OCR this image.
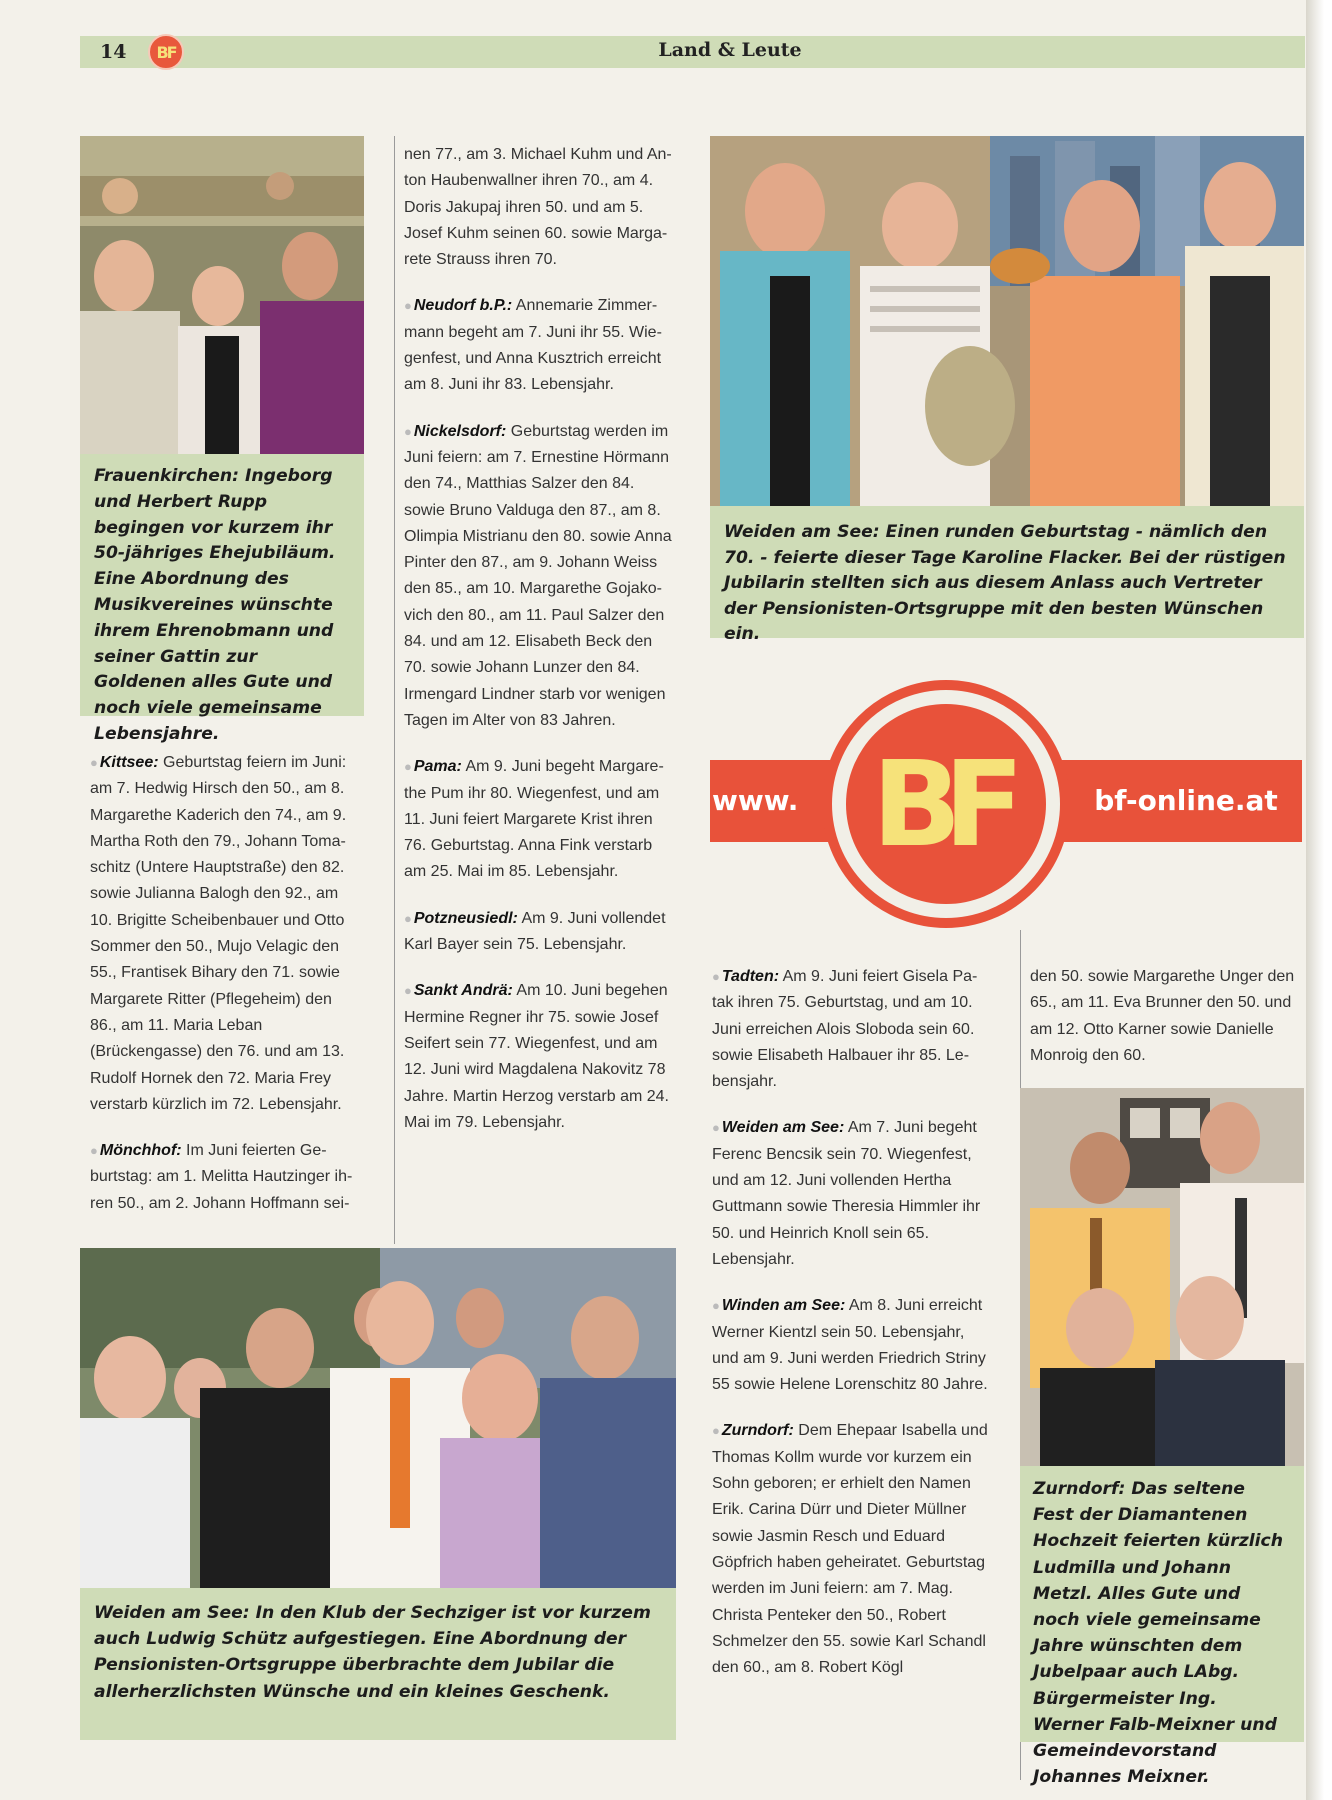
14 BF	Land & Leute
Frauenkirchen: Ingeborg und Herbert Rupp begingen vor kurzem ihr 50-jähriges Ehejubiläum. Eine Abordnung des Musikvereines wünschte ihrem Ehrenobmann und seiner Gattin zur Goldenen alles Gute und noch viele gemeinsame Lebensjahre.

● Kittsee: Geburtstag feiern im Juni: am 7. Hedwig Hirsch den 50., am 8. Margarethe Kaderich den 74., am 9. Martha Roth den 79., Johann Tomaschitz (Untere Hauptstraße) den 82. sowie Julianna Balogh den 92., am 10. Brigitte Scheibenbauer und Otto Sommer den 50., Mujo Velagic den 55., Frantisek Bihary den 71. sowie Margarete Ritter (Pflegeheim) den 86., am 11. Maria Leban (Brückengasse) den 76. und am 13. Rudolf Hornek den 72. Maria Frey verstarb kürzlich im 72. Lebensjahr.

● Mönchhof: Im Juni feierten Geburtstag: am 1. Melitta Hautzinger ihren 50., am 2. Johann Hoffmann sei-

nen 77., am 3. Michael Kuhm und Anton Haubenwallner ihren 70., am 4. Doris Jakupaj ihren 50. und am 5. Josef Kuhm seinen 60. sowie Margarete Strauss ihren 70.

● Neudorf b.P.: Annemarie Zimmermann begeht am 7. Juni ihr 55. Wiegenfest, und Anna Kusztrich erreicht am 8. Juni ihr 83. Lebensjahr.

● Nickelsdorf: Geburtstag werden im Juni feiern: am 7. Ernestine Hörmann den 74., Matthias Salzer den 84. sowie Bruno Valduga den 87., am 8. Olimpia Mistrianu den 80. sowie Anna Pinter den 87., am 9. Johann Weiss den 85., am 10. Margarethe Gojakovich den 80., am 11. Paul Salzer den 84. und am 12. Elisabeth Beck den 70. sowie Johann Lunzer den 84. Irmengard Lindner starb vor wenigen Tagen im Alter von 83 Jahren.

● Pama: Am 9. Juni begeht Margarethe Pum ihr 80. Wiegenfest, und am 11. Juni feiert Margarete Krist ihren 76. Geburtstag. Anna Fink verstarb am 25. Mai im 85. Lebensjahr.

● Potzneusiedl: Am 9. Juni vollendet Karl Bayer sein 75. Lebensjahr.

● Sankt Andrä: Am 10. Juni begehen Hermine Regner ihr 75. sowie Josef Seifert sein 77. Wiegenfest, und am 12. Juni wird Magdalena Nakovitz 78 Jahre. Martin Herzog verstarb am 24. Mai im 79. Lebensjahr.

Weiden am See: Einen runden Geburtstag - nämlich den 70. - feierte dieser Tage Karoline Flacker. Bei der rüstigen Jubilarin stellten sich aus diesem Anlass auch Vertreter der Pensionisten-Ortsgruppe mit den besten Wünschen ein.
BF
www.	bf-online.at

● Tadten: Am 9. Juni feiert Gisela Patak ihren 75. Geburtstag, und am 10. Juni erreichen Alois Sloboda sein 60. sowie Elisabeth Halbauer ihr 85. Lebensjahr.

● Weiden am See: Am 7. Juni begeht Ferenc Bencsik sein 70. Wiegenfest, und am 12. Juni vollenden Hertha Guttmann sowie Theresia Himmler ihr 50. und Heinrich Knoll sein 65. Lebensjahr.

● Winden am See: Am 8. Juni erreicht Werner Kientzl sein 50. Lebensjahr, und am 9. Juni werden Friedrich Striny 55 sowie Helene Lorenschitz 80 Jahre.

● Zurndorf: Dem Ehepaar Isabella und Thomas Kollm wurde vor kurzem ein Sohn geboren; er erhielt den Namen Erik. Carina Dürr und Dieter Müllner sowie Jasmin Resch und Eduard Göpfrich haben geheiratet. Geburtstag werden im Juni feiern: am 7. Mag. Christa Penteker den 50., Robert Schmelzer den 55. sowie Karl Schandl den 60., am 8. Robert Kögl

den 50. sowie Margarethe Unger den 65., am 11. Eva Brunner den 50. und am 12. Otto Karner sowie Danielle Monroig den 60.

Zurndorf: Das seltene Fest der Diamantenen Hochzeit feierten kürzlich Ludmilla und Johann Metzl. Alles Gute und noch viele gemeinsame Jahre wünschten dem Jubelpaar auch LAbg. Bürgermeister Ing. Werner Falb-Meixner und Gemeindevorstand Johannes Meixner.
Weiden am See: In den Klub der Sechziger ist vor kurzem auch Ludwig Schütz aufgestiegen. Eine Abordnung der Pensionisten-Ortsgruppe überbrachte dem Jubilar die allerherzlichsten Wünsche und ein kleines Geschenk.
